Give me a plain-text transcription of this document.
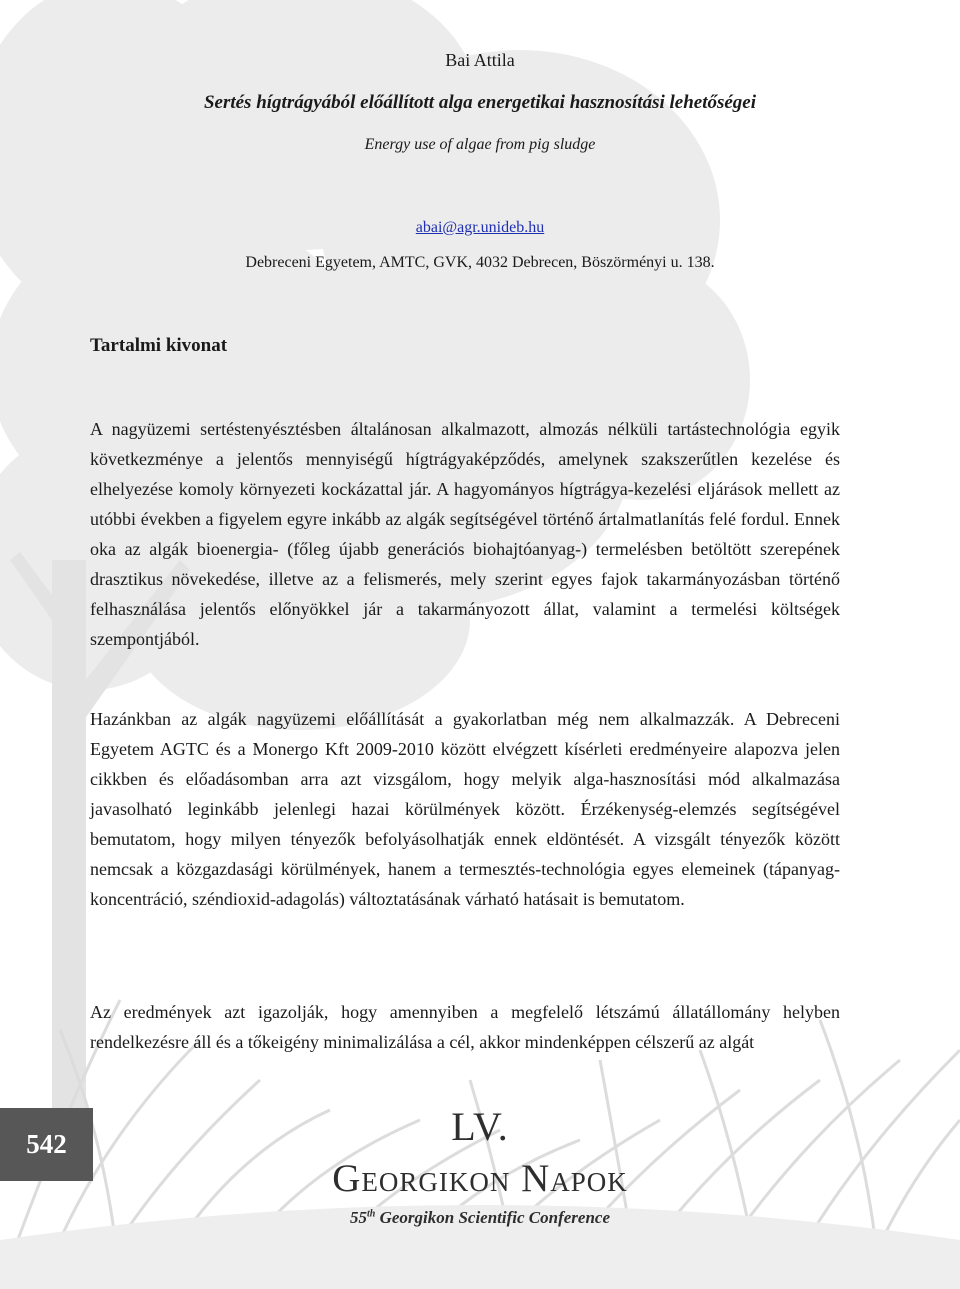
Bai Attila
Sertés hígtrágyából előállított alga energetikai hasznosítási lehetőségei
Energy use of algae from pig sludge
abai@agr.unideb.hu
Debreceni Egyetem, AMTC, GVK, 4032 Debrecen, Böszörményi u. 138.
Tartalmi kivonat

A nagyüzemi sertéstenyésztésben általánosan alkalmazott, almozás nélküli tartástechnológia egyik következménye a jelentős mennyiségű hígtrágyaképződés, amelynek szakszerűtlen kezelése és elhelyezése komoly környezeti kockázattal jár. A hagyományos hígtrágya-kezelési eljárások mellett az utóbbi években a figyelem egyre inkább az algák segítségével történő ártalmatlanítás felé fordul. Ennek oka az algák bioenergia- (főleg újabb generációs biohajtóanyag-) termelésben betöltött szerepének drasztikus növekedése, illetve az a felismerés, mely szerint egyes fajok takarmányozásban történő felhasználása jelentős előnyökkel jár a takarmányozott állat, valamint a termelési költségek szempontjából.

Hazánkban az algák nagyüzemi előállítását a gyakorlatban még nem alkalmazzák. A Debreceni Egyetem AGTC és a Monergo Kft 2009-2010 között elvégzett kísérleti eredményeire alapozva jelen cikkben és előadásomban arra azt vizsgálom, hogy melyik alga-hasznosítási mód alkalmazása javasolható leginkább jelenlegi hazai körülmények között. Érzékenység-elemzés segítségével bemutatom, hogy milyen tényezők befolyásolhatják ennek eldöntését. A vizsgált tényezők között nemcsak a közgazdasági körülmények, hanem a termesztés-technológia egyes elemeinek (tápanyag-koncentráció, széndioxid-adagolás) változtatásának várható hatásait is bemutatom.

Az eredmények azt igazolják, hogy amennyiben a megfelelő létszámú állatállomány helyben rendelkezésre áll és a tőkeigény minimalizálása a cél, akkor mindenképpen célszerű az algát

542	LV.
Georgikon Napok
55th Georgikon Scientific Conference
